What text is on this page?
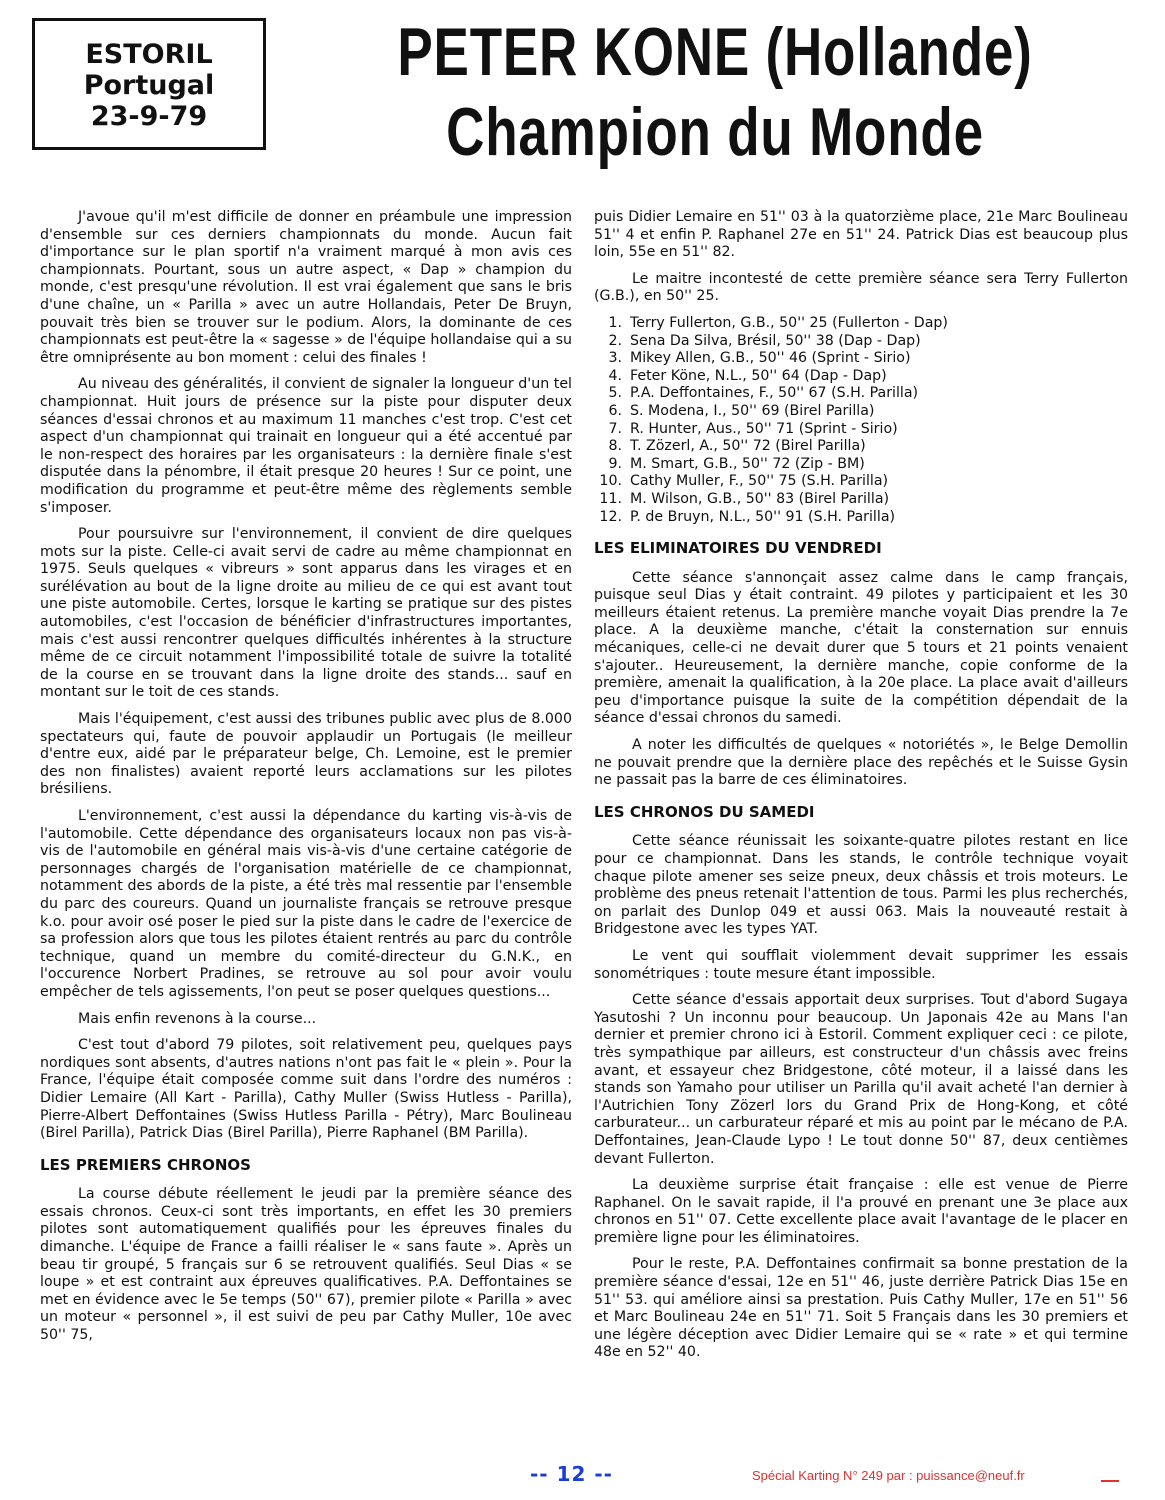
ESTORIL
Portugal
23-9-79
PETER KONE (Hollande)
Champion du Monde

J'avoue qu'il m'est difficile de donner en préambule une impression d'ensemble sur ces derniers championnats du monde. Aucun fait d'importance sur le plan sportif n'a vraiment marqué à mon avis ces championnats. Pourtant, sous un autre aspect, « Dap » champion du monde, c'est presqu'une révolution. Il est vrai également que sans le bris d'une chaîne, un « Parilla » avec un autre Hollandais, Peter De Bruyn, pouvait très bien se trouver sur le podium. Alors, la dominante de ces championnats est peut-être la « sagesse » de l'équipe hollandaise qui a su être omniprésente au bon moment : celui des finales !

Au niveau des généralités, il convient de signaler la longueur d'un tel championnat. Huit jours de présence sur la piste pour disputer deux séances d'essai chronos et au maximum 11 manches c'est trop. C'est cet aspect d'un championnat qui trainait en longueur qui a été accentué par le non-respect des horaires par les organisateurs : la dernière finale s'est disputée dans la pénombre, il était presque 20 heures ! Sur ce point, une modification du programme et peut-être même des règlements semble s'imposer.

Pour poursuivre sur l'environnement, il convient de dire quelques mots sur la piste. Celle-ci avait servi de cadre au même championnat en 1975. Seuls quelques « vibreurs » sont apparus dans les virages et en surélévation au bout de la ligne droite au milieu de ce qui est avant tout une piste automobile. Certes, lorsque le karting se pratique sur des pistes automobiles, c'est l'occasion de bénéficier d'infrastructures importantes, mais c'est aussi rencontrer quelques difficultés inhérentes à la structure même de ce circuit notamment l'impossibilité totale de suivre la totalité de la course en se trouvant dans la ligne droite des stands... sauf en montant sur le toit de ces stands.

Mais l'équipement, c'est aussi des tribunes public avec plus de 8.000 spectateurs qui, faute de pouvoir applaudir un Portugais (le meilleur d'entre eux, aidé par le préparateur belge, Ch. Lemoine, est le premier des non finalistes) avaient reporté leurs acclamations sur les pilotes brésiliens.

L'environnement, c'est aussi la dépendance du karting vis-à-vis de l'automobile. Cette dépendance des organisateurs locaux non pas vis-à-vis de l'automobile en général mais vis-à-vis d'une certaine catégorie de personnages chargés de l'organisation matérielle de ce championnat, notamment des abords de la piste, a été très mal ressentie par l'ensemble du parc des coureurs. Quand un journaliste français se retrouve presque k.o. pour avoir osé poser le pied sur la piste dans le cadre de l'exercice de sa profession alors que tous les pilotes étaient rentrés au parc du contrôle technique, quand un membre du comité-directeur du G.N.K., en l'occurence Norbert Pradines, se retrouve au sol pour avoir voulu empêcher de tels agissements, l'on peut se poser quelques questions...

Mais enfin revenons à la course...

C'est tout d'abord 79 pilotes, soit relativement peu, quelques pays nordiques sont absents, d'autres nations n'ont pas fait le « plein ». Pour la France, l'équipe était composée comme suit dans l'ordre des numéros : Didier Lemaire (All Kart - Parilla), Cathy Muller (Swiss Hutless - Parilla), Pierre-Albert Deffontaines (Swiss Hutless Parilla - Pétry), Marc Boulineau (Birel Parilla), Patrick Dias (Birel Parilla), Pierre Raphanel (BM Parilla).

LES PREMIERS CHRONOS

La course débute réellement le jeudi par la première séance des essais chronos. Ceux-ci sont très importants, en effet les 30 premiers pilotes sont automatiquement qualifiés pour les épreuves finales du dimanche. L'équipe de France a failli réaliser le « sans faute ». Après un beau tir groupé, 5 français sur 6 se retrouvent qualifiés. Seul Dias « se loupe » et est contraint aux épreuves qualificatives. P.A. Deffontaines se met en évidence avec le 5e temps (50'' 67), premier pilote « Parilla » avec un moteur « personnel », il est suivi de peu par Cathy Muller, 10e avec 50'' 75,

puis Didier Lemaire en 51'' 03 à la quatorzième place, 21e Marc Boulineau 51'' 4 et enfin P. Raphanel 27e en 51'' 24. Patrick Dias est beaucoup plus loin, 55e en 51'' 82.

Le maitre incontesté de cette première séance sera Terry Fullerton (G.B.), en 50'' 25.

1. Terry Fullerton, G.B., 50'' 25 (Fullerton - Dap)
2. Sena Da Silva, Brésil, 50'' 38 (Dap - Dap)
3. Mikey Allen, G.B., 50'' 46 (Sprint - Sirio)
4. Feter Köne, N.L., 50'' 64 (Dap - Dap)
5. P.A. Deffontaines, F., 50'' 67 (S.H. Parilla)
6. S. Modena, I., 50'' 69 (Birel Parilla)
7. R. Hunter, Aus., 50'' 71 (Sprint - Sirio)
8. T. Zözerl, A., 50'' 72 (Birel Parilla)
9. M. Smart, G.B., 50'' 72 (Zip - BM)
10. Cathy Muller, F., 50'' 75 (S.H. Parilla)
11. M. Wilson, G.B., 50'' 83 (Birel Parilla)
12. P. de Bruyn, N.L., 50'' 91 (S.H. Parilla)
LES ELIMINATOIRES DU VENDREDI

Cette séance s'annonçait assez calme dans le camp français, puisque seul Dias y était contraint. 49 pilotes y participaient et les 30 meilleurs étaient retenus. La première manche voyait Dias prendre la 7e place. A la deuxième manche, c'était la consternation sur ennuis mécaniques, celle-ci ne devait durer que 5 tours et 21 points venaient s'ajouter.. Heureusement, la dernière manche, copie conforme de la première, amenait la qualification, à la 20e place. La place avait d'ailleurs peu d'importance puisque la suite de la compétition dépendait de la séance d'essai chronos du samedi.

A noter les difficultés de quelques « notoriétés », le Belge Demollin ne pouvait prendre que la dernière place des repêchés et le Suisse Gysin ne passait pas la barre de ces éliminatoires.

LES CHRONOS DU SAMEDI

Cette séance réunissait les soixante-quatre pilotes restant en lice pour ce championnat. Dans les stands, le contrôle technique voyait chaque pilote amener ses seize pneux, deux châssis et trois moteurs. Le problème des pneus retenait l'attention de tous. Parmi les plus recherchés, on parlait des Dunlop 049 et aussi 063. Mais la nouveauté restait à Bridgestone avec les types YAT.

Le vent qui soufflait violemment devait supprimer les essais sonométriques : toute mesure étant impossible.

Cette séance d'essais apportait deux surprises. Tout d'abord Sugaya Yasutoshi ? Un inconnu pour beaucoup. Un Japonais 42e au Mans l'an dernier et premier chrono ici à Estoril. Comment expliquer ceci : ce pilote, très sympathique par ailleurs, est constructeur d'un châssis avec freins avant, et essayeur chez Bridgestone, côté moteur, il a laissé dans les stands son Yamaho pour utiliser un Parilla qu'il avait acheté l'an dernier à l'Autrichien Tony Zözerl lors du Grand Prix de Hong-Kong, et côté carburateur... un carburateur réparé et mis au point par le mécano de P.A. Deffontaines, Jean-Claude Lypo ! Le tout donne 50'' 87, deux centièmes devant Fullerton.

La deuxième surprise était française : elle est venue de Pierre Raphanel. On le savait rapide, il l'a prouvé en prenant une 3e place aux chronos en 51'' 07. Cette excellente place avait l'avantage de le placer en première ligne pour les éliminatoires.

Pour le reste, P.A. Deffontaines confirmait sa bonne prestation de la première séance d'essai, 12e en 51'' 46, juste derrière Patrick Dias 15e en 51'' 53. qui améliore ainsi sa prestation. Puis Cathy Muller, 17e en 51'' 56 et Marc Boulineau 24e en 51'' 71. Soit 5 Français dans les 30 premiers et une légère déception avec Didier Lemaire qui se « rate » et qui termine 48e en 52'' 40.

-- 12 --	Spécial Karting N° 249 par : puissance@neuf.fr
